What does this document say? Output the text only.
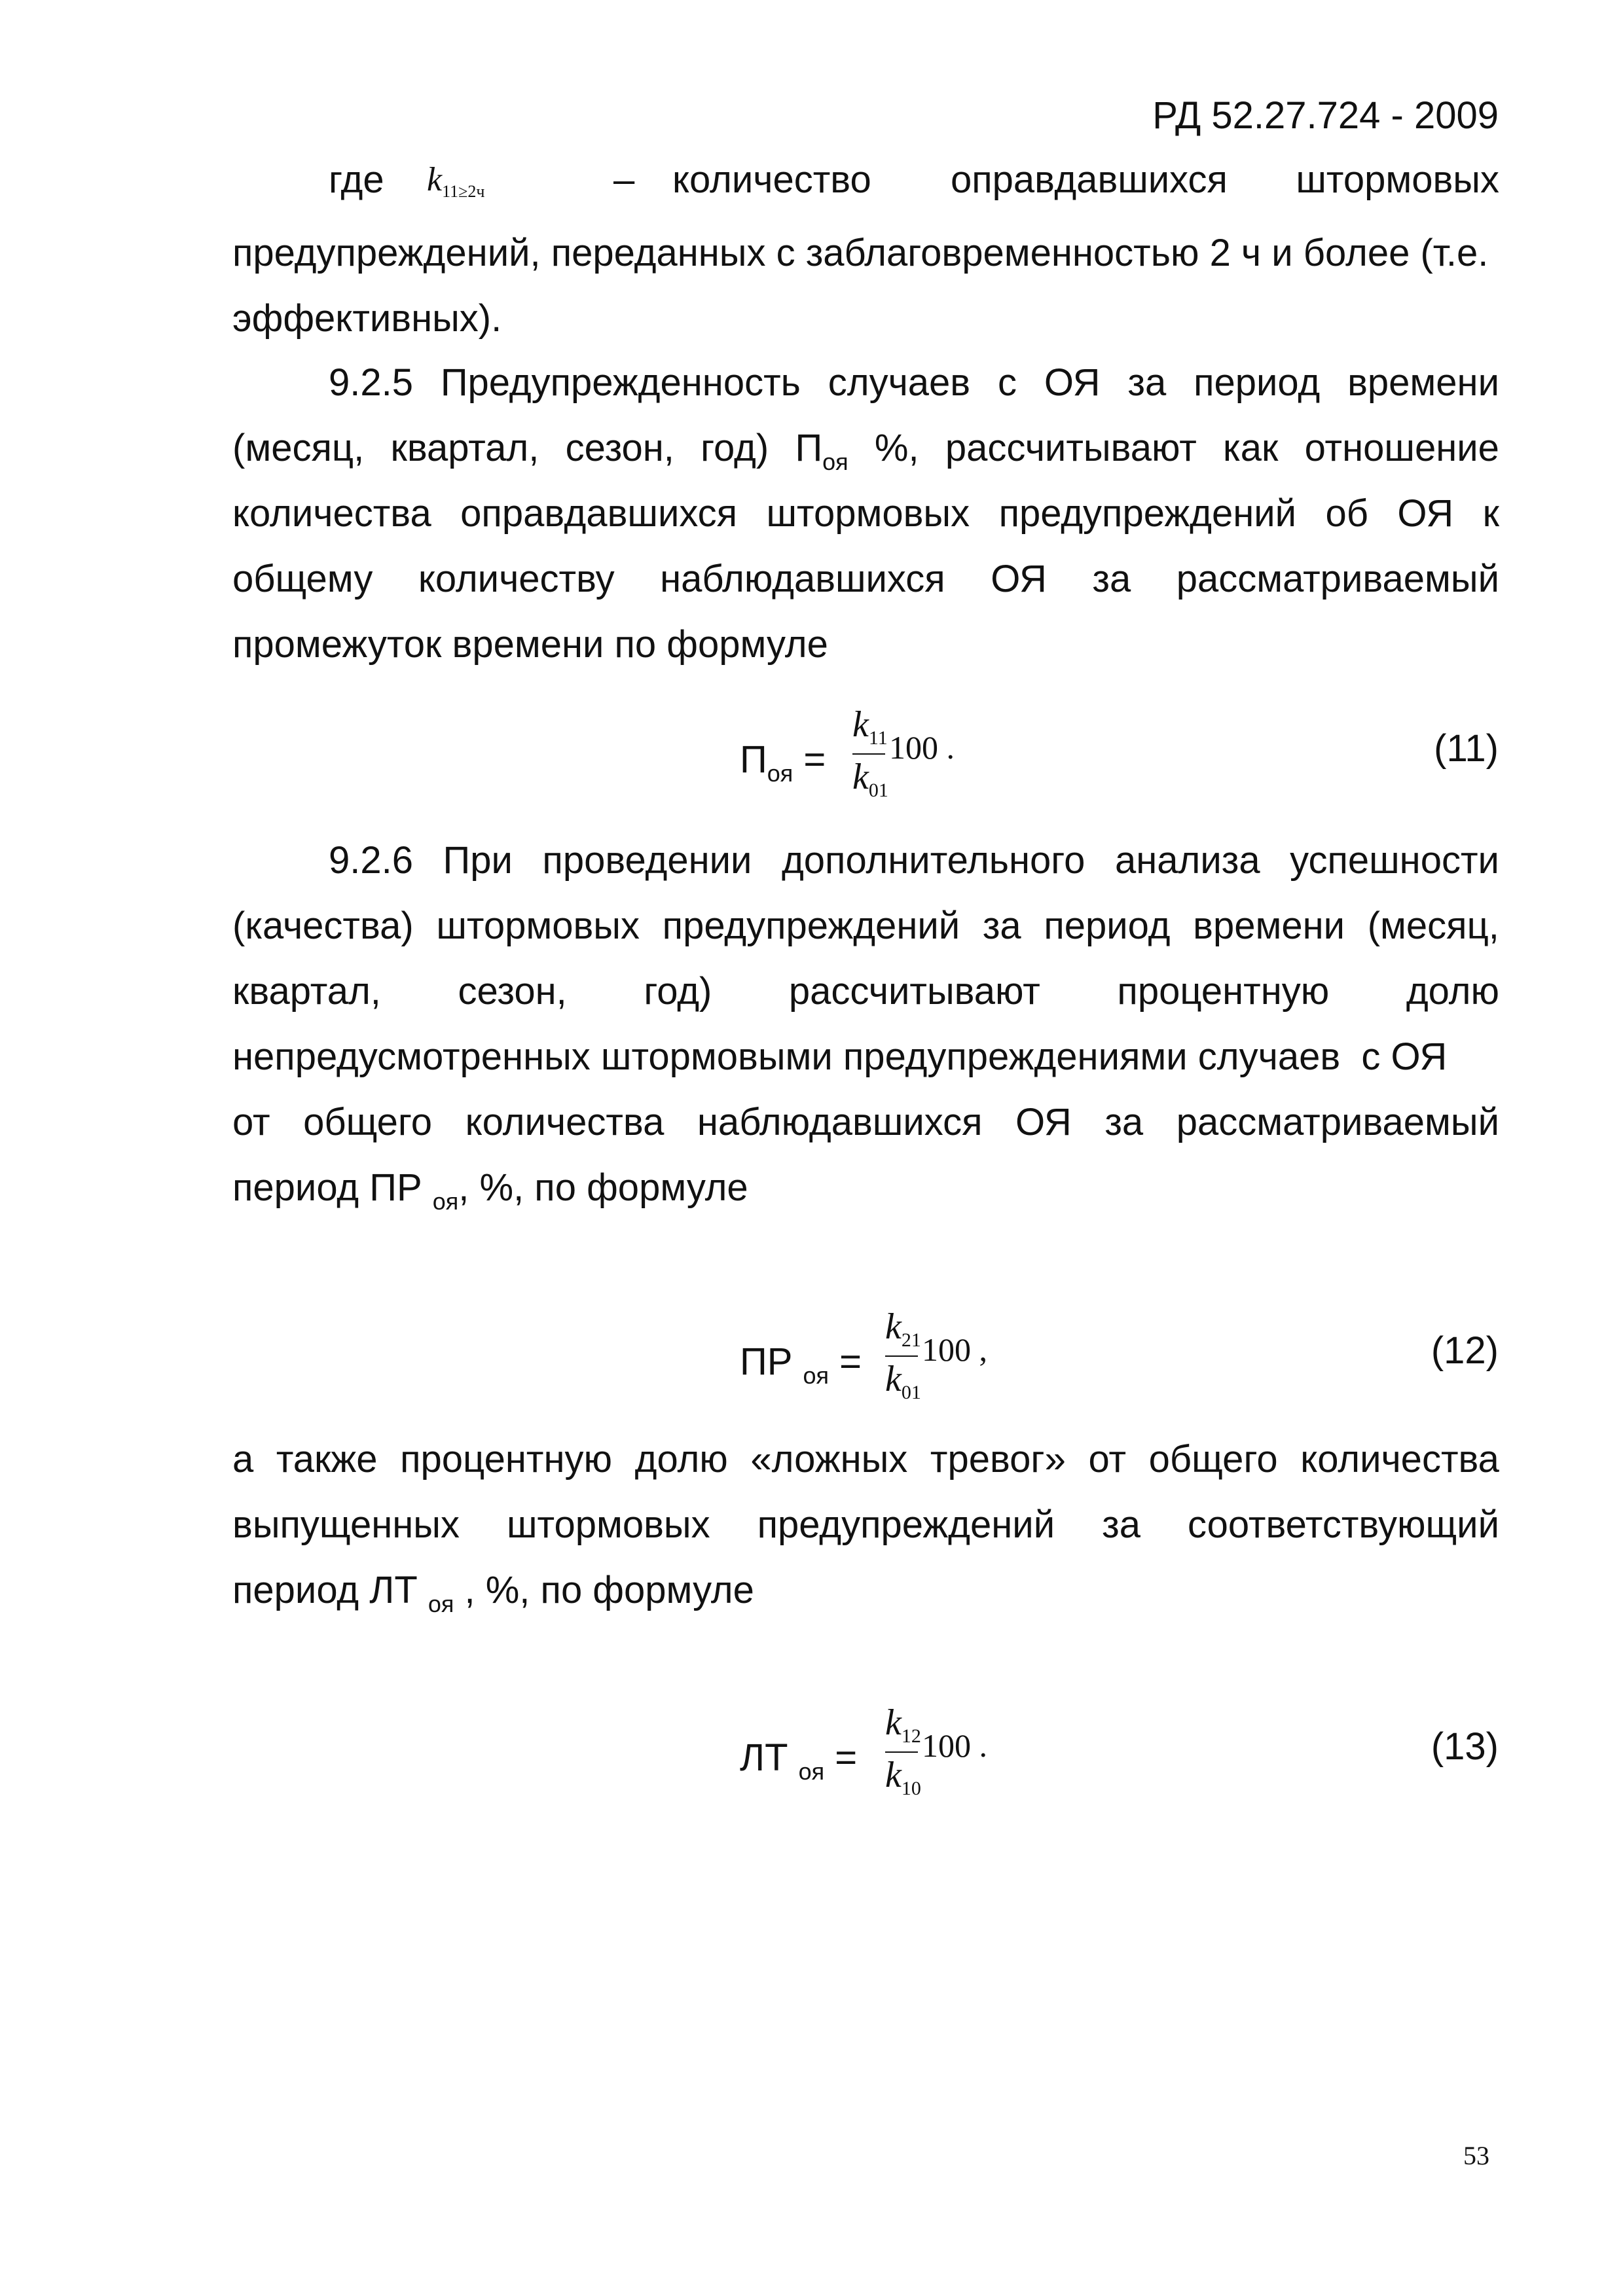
РД 52.27.724 - 2009
где k11≥2ч	– количество оправдавшихся штормовых
предупреждений, переданных с заблаговременностью 2 ч и более (т.е.
эффективных).
9.2.5 Предупрежденность случаев с ОЯ за период времени
(месяц, квартал, сезон, год) $П_{оя}$ %, рассчитывают как отношение
количества оправдавшихся штормовых предупреждений об ОЯ к
общему количеству наблюдавшихся ОЯ за рассматриваемый
промежуток времени по формуле
$П_{оя}$ =
$k_{11}$
$k_{01}$
100 .	(11)
9.2.6 При проведении дополнительного анализа успешности
(качества) штормовых предупреждений за период времени (месяц,
квартал, сезон, год) рассчитывают процентную долю
непредусмотренных штормовыми предупреждениями случаев  с ОЯ
от общего количества наблюдавшихся ОЯ за рассматриваемый
период ПР $_{оя}$, %, по формуле
ПР $_{оя}$ =
$k_{21}$
$k_{01}$
100 ,	(12)
а также процентную долю «ложных тревог» от общего количества
выпущенных штормовых предупреждений за соответствующий
период ЛТ $_{оя}$ , %, по формуле
ЛТ $_{оя}$ =
$k_{12}$
$k_{10}$
100 .	(13)
53
